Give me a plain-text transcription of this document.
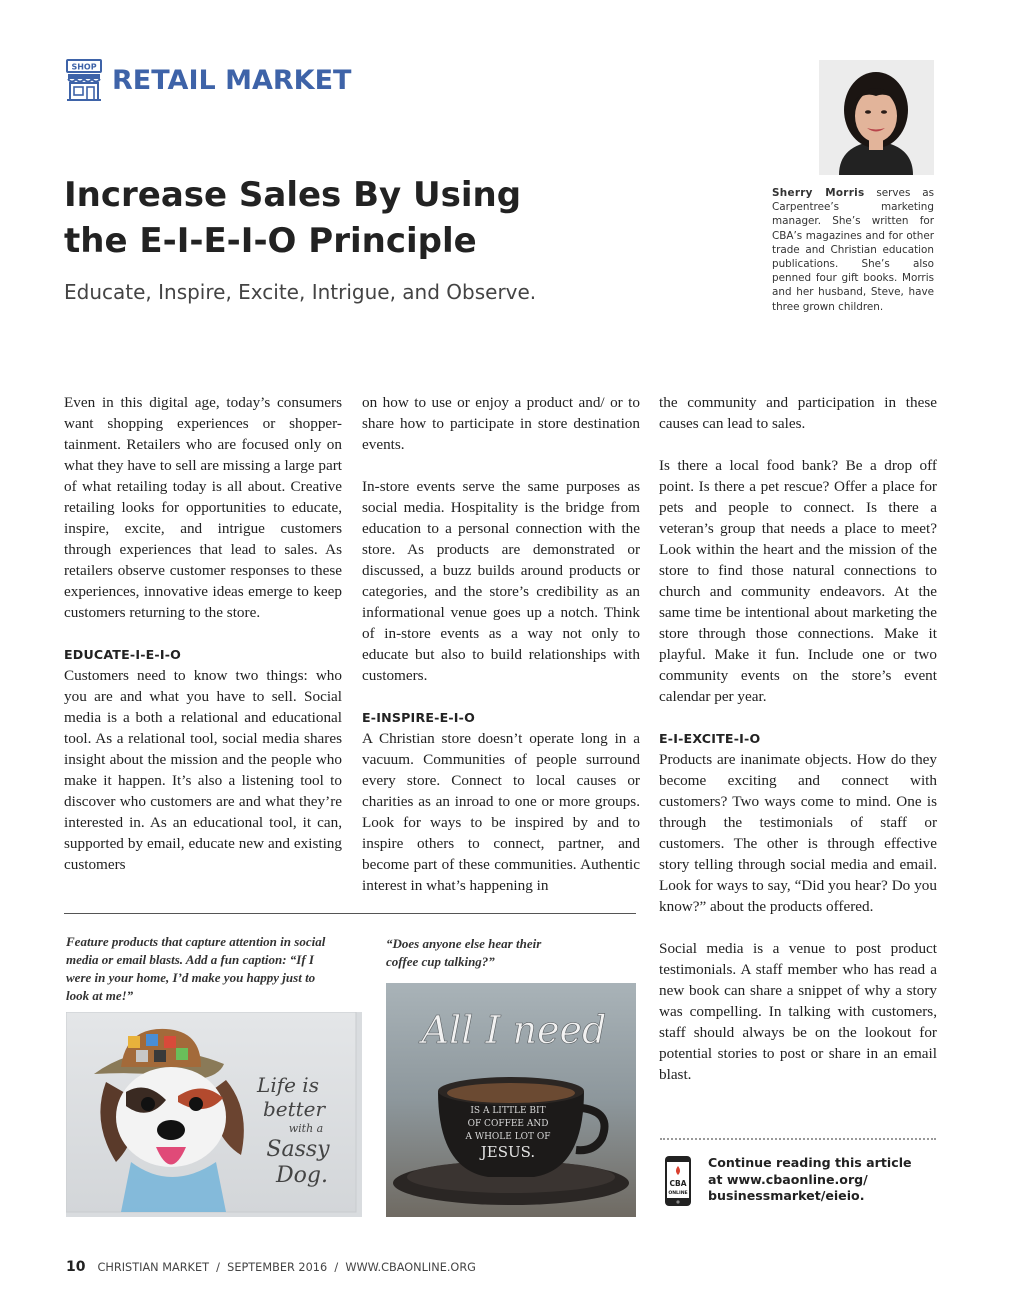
SHOP RETAIL MARKET
Increase Sales By Using
the E-I-E-I-O Principle
Educate, Inspire, Excite, Intrigue, and Observe.
Sherry Morris serves as Carpentree’s marketing manager. She’s written for CBA’s magazines and for other trade and Christian education publications. She’s also penned four gift books. Morris and her husband, Steve, have three grown children.

Even in this digital age, today’s consumers want shopping experiences or shopper-tainment. Retailers who are focused only on what they have to sell are missing a large part of what retailing today is all about. Creative retailing looks for opportunities to educate, inspire, excite, and intrigue customers through experiences that lead to sales. As retailers observe customer responses to these experiences, innovative ideas emerge to keep customers returning to the store.

EDUCATE-I-E-I-O

Customers need to know two things: who you are and what you have to sell. Social media is a both a relational and educational tool. As a relational tool, social media shares insight about the mission and the people who make it happen. It’s also a listening tool to discover who customers are and what they’re interested in. As an educational tool, it can, supported by email, educate new and existing customers

on how to use or enjoy a product and/ or to share how to participate in store destination events.

In-store events serve the same purposes as social media. Hospitality is the bridge from education to a personal connection with the store. As products are demonstrated or discussed, a buzz builds around products or categories, and the store’s credibility as an informational venue goes up a notch. Think of in-store events as a way not only to educate but also to build relationships with customers.

E-INSPIRE-E-I-O

A Christian store doesn’t operate long in a vacuum. Communities of people surround every store. Connect to local causes or charities as an inroad to one or more groups. Look for ways to be inspired by and to inspire others to connect, partner, and become part of these communities. Authentic interest in what’s happening in

the community and participation in these causes can lead to sales.

Is there a local food bank? Be a drop off point. Is there a pet rescue? Offer a place for pets and people to connect. Is there a veteran’s group that needs a place to meet? Look within the heart and the mission of the store to find those natural connections to church and community endeavors. At the same time be intentional about marketing the store through those connections. Make it playful. Make it fun. Include one or two community events on the store’s event calendar per year.

E-I-EXCITE-I-O

Products are inanimate objects. How do they become exciting and connect with customers? Two ways come to mind. One is through the testimonials of staff or customers. The other is through effective story telling through social media and email. Look for ways to say, “Did you hear? Do you know?” about the products offered.

Social media is a venue to post product testimonials. A staff member who has read a new book can share a snippet of why a story was compelling. In talking with customers, staff should always be on the lookout for potential stories to post or share in an email blast.

Feature products that capture attention in social media or email blasts. Add a fun caption: “If I were in your home, I’d make you happy just to look at me!”
“Does anyone else hear their coffee cup talking?”
Life is
better
with a
Sassy
Dog.
All I need
IS A LITTLE BIT
OF COFFEE AND
A WHOLE LOT OF
JESUS.
CBA
ONLINE
Continue reading this article
at www.cbaonline.org/
businessmarket/eieio.
10 CHRISTIAN MARKET  /  SEPTEMBER 2016  /  WWW.CBAONLINE.ORG
